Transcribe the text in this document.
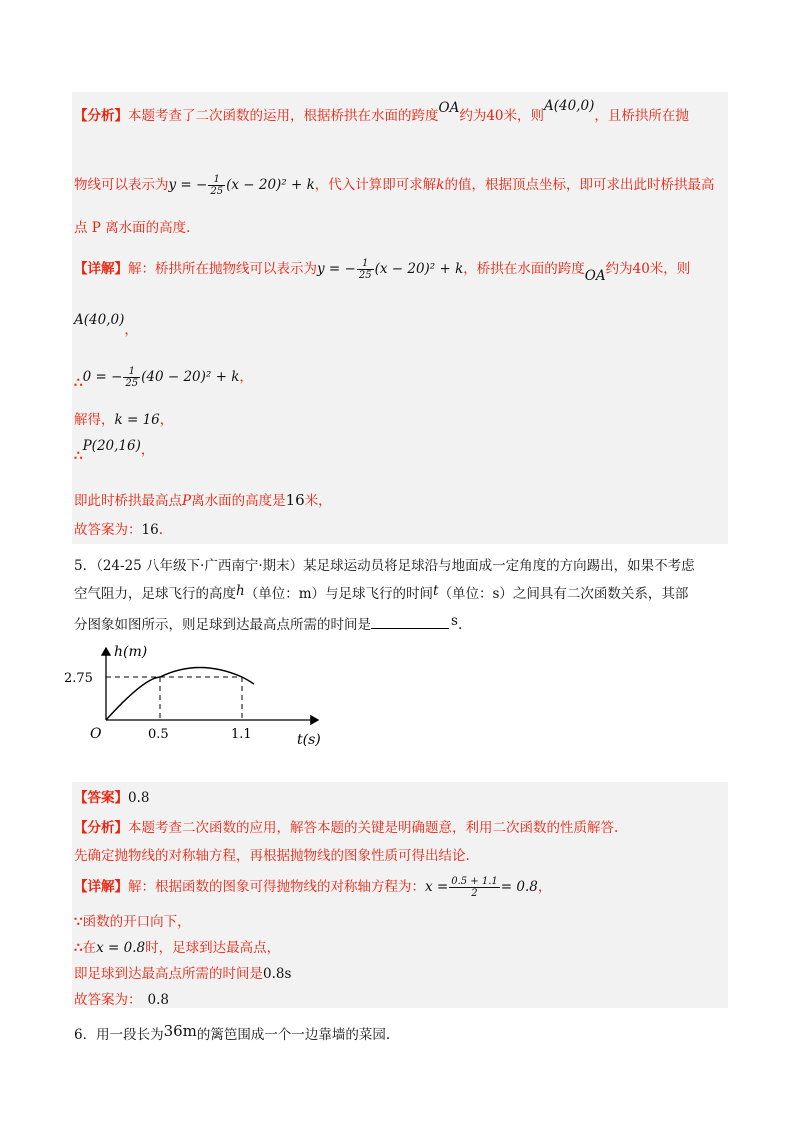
【分析】本题考查了二次函数的运用，根据桥拱在水面的跨度OA约为40米，则A(40,0)，且桥拱所在抛
物线可以表示为y = − $\frac{1}{25} (x - 20)^2 + k$，代入计算即可求解k的值，根据顶点坐标，即可求出此时桥拱最高
点 P 离水面的高度.
【详解】解：桥拱所在抛物线可以表示为y = − $\frac{1}{25} (x - 20)^2 + k$，桥拱在水面的跨度OA约为40米，则
A(40,0)，
∴0 = − $\frac{1}{25} (40 - 20)^2 + k$，
解得，k = 16，
∴P(20,16)，
即此时桥拱最高点P离水面的高度是16米，
故答案为：16.
5．（24-25 八年级下·广西南宁·期末）某足球运动员将足球沿与地面成一定角度的方向踢出，如果不考虑
空气阻力，足球飞行的高度h（单位：m）与足球飞行的时间t（单位：s）之间具有二次函数关系，其部
分图象如图所示，则足球到达最高点所需的时间是	s.
h(m)
2.75
O	0.5	1.1	t(s)
【答案】0.8
【分析】本题考查二次函数的应用，解答本题的关键是明确题意，利用二次函数的性质解答.
先确定抛物线的对称轴方程，再根据抛物线的图象性质可得出结论.
【详解】解：根据函数的图象可得抛物线的对称轴方程为：$x = \frac{0.5 + 1.1}{2} = 0.8$，
∵函数的开口向下，
∴在x = 0.8时，足球到达最高点，
即足球到达最高点所需的时间是0.8s
故答案为： 0.8
6．用一段长为36m的篱笆围成一个一边靠墙的菜园.
